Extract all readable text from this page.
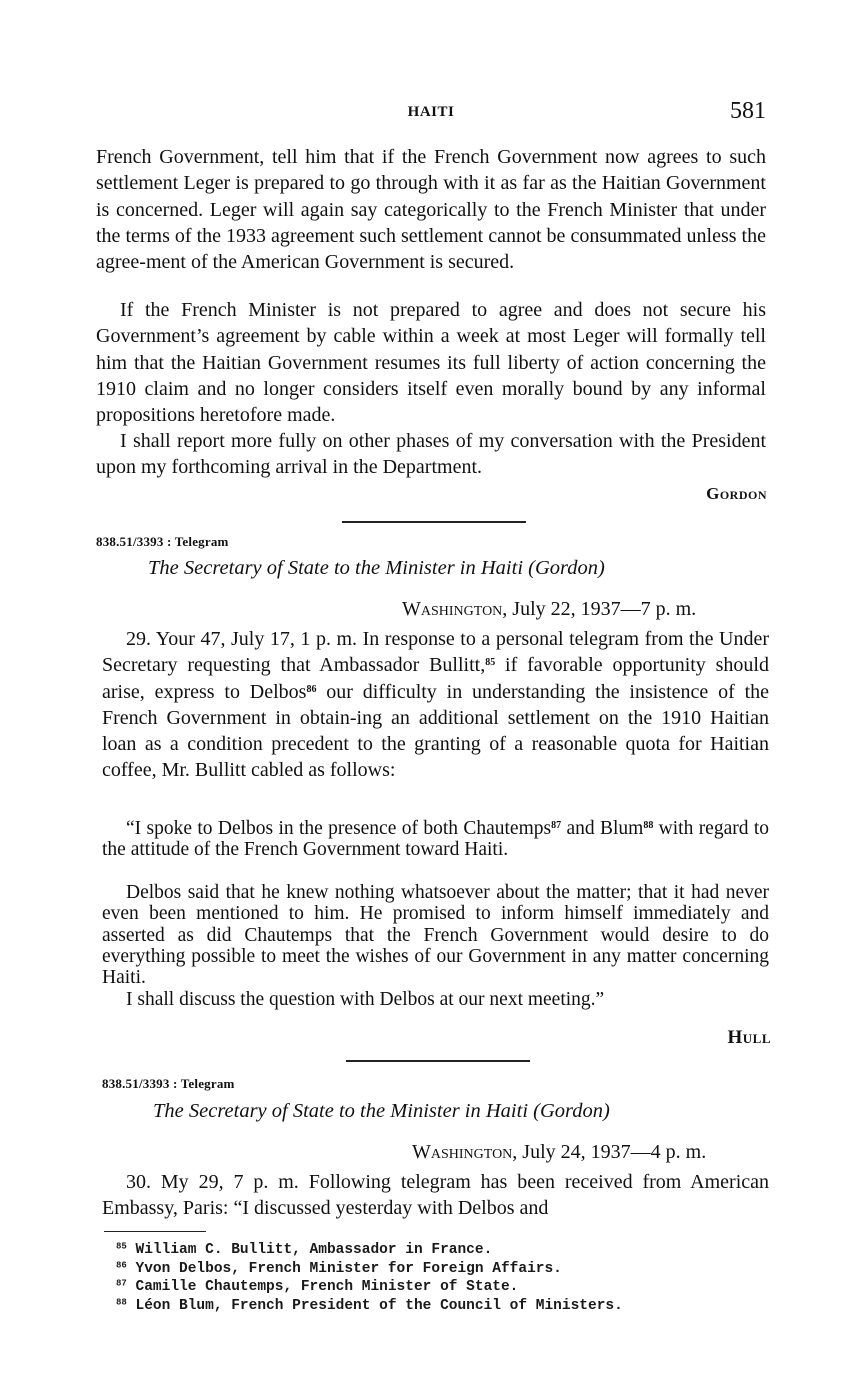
HAITI	581

French Government, tell him that if the French Government now agrees to such settlement Leger is prepared to go through with it as far as the Haitian Government is concerned. Leger will again say categorically to the French Minister that under the terms of the 1933 agreement such settlement cannot be consummated unless the agree-ment of the American Government is secured.

If the French Minister is not prepared to agree and does not secure his Government’s agreement by cable within a week at most Leger will formally tell him that the Haitian Government resumes its full liberty of action concerning the 1910 claim and no longer considers itself even morally bound by any informal propositions heretofore made.

I shall report more fully on other phases of my conversation with the President upon my forthcoming arrival in the Department.

Gordon
838.51/3393 : Telegram
The Secretary of State to the Minister in Haiti (Gordon)
Washington, July 22, 1937—7 p. m.

29. Your 47, July 17, 1 p. m. In response to a personal telegram from the Under Secretary requesting that Ambassador Bullitt,$^{85}$ if favorable opportunity should arise, express to Delbos$^{86}$ our difficulty in understanding the insistence of the French Government in obtain-ing an additional settlement on the 1910 Haitian loan as a condition precedent to the granting of a reasonable quota for Haitian coffee, Mr. Bullitt cabled as follows:

“I spoke to Delbos in the presence of both Chautemps$^{87}$ and Blum$^{88}$ with regard to the attitude of the French Government toward Haiti.

Delbos said that he knew nothing whatsoever about the matter; that it had never even been mentioned to him. He promised to inform himself immediately and asserted as did Chautemps that the French Government would desire to do everything possible to meet the wishes of our Government in any matter concerning Haiti.

I shall discuss the question with Delbos at our next meeting.”

Hull
838.51/3393 : Telegram
The Secretary of State to the Minister in Haiti (Gordon)
Washington, July 24, 1937—4 p. m.

30. My 29, 7 p. m. Following telegram has been received from American Embassy, Paris: “I discussed yesterday with Delbos and

$^{85}$ William C. Bullitt, Ambassador in France.
$^{86}$ Yvon Delbos, French Minister for Foreign Affairs.
$^{87}$ Camille Chautemps, French Minister of State.
$^{88}$ Léon Blum, French President of the Council of Ministers.
